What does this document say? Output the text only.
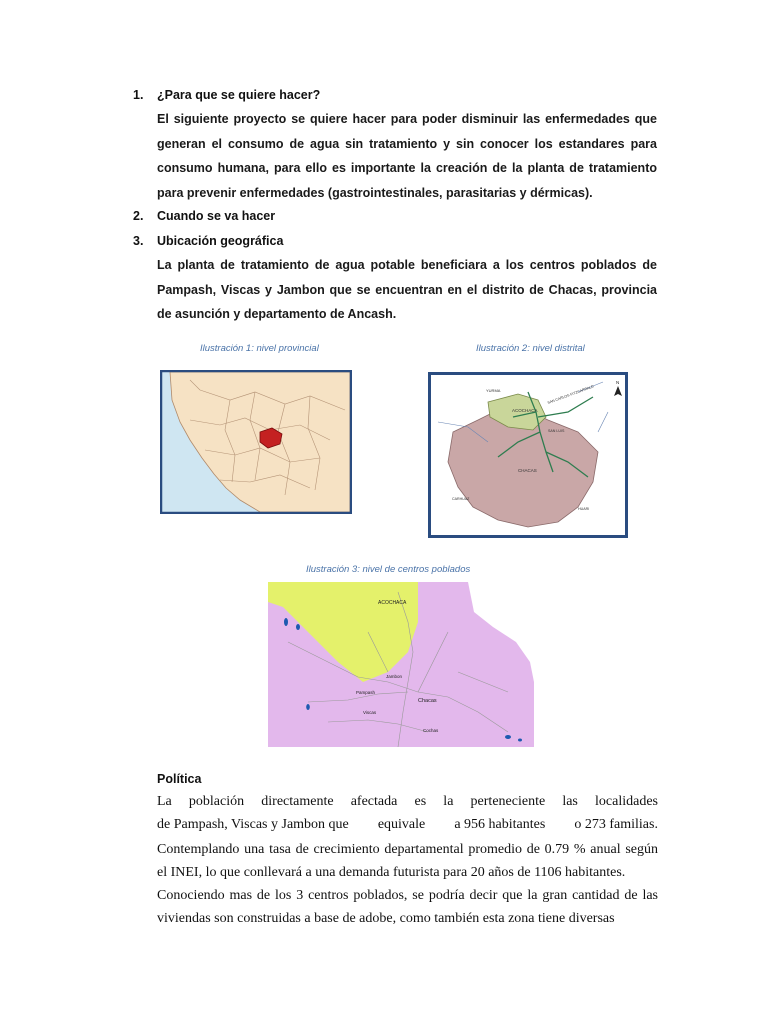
1. ¿Para que se quiere hacer?
El siguiente proyecto se quiere hacer para poder disminuir las enfermedades que generan el consumo de agua sin tratamiento y sin conocer los estandares para consumo humana, para ello es importante la creación de la planta de tratamiento para prevenir enfermedades (gastrointestinales, parasitarias y dérmicas).
2. Cuando se va hacer
3. Ubicación geográfica
La planta de tratamiento de agua potable beneficiara a los centros poblados de Pampash, Viscas y Jambon que se encuentran en el distrito de Chacas, provincia de asunción y departamento de Ancash.
Ilustración 1: nivel provincial	Ilustración 2: nivel distrital
YURMA
ACOCHACA
CHACAS
SAN CARLOS FITZCARRALD
SAN LUIS
HUARI
CARHUAZ
N
Ilustración 3: nivel de centros poblados
ACOCHACA
Pampash
Chacas
Viscas
Jambon
Cochas
Política
La población directamente afectada es la perteneciente las localidades
de Pampash, Viscas y Jambon que equivale a 956 habitantes o 273 familias.
Contemplando una tasa de crecimiento departamental promedio de 0.79 % anual según el INEI, lo que conllevará a una demanda futurista para 20 años de 1106 habitantes.
Conociendo mas de los 3 centros poblados, se podría decir que la gran cantidad de las viviendas son construidas a base de adobe, como también esta zona tiene diversas
